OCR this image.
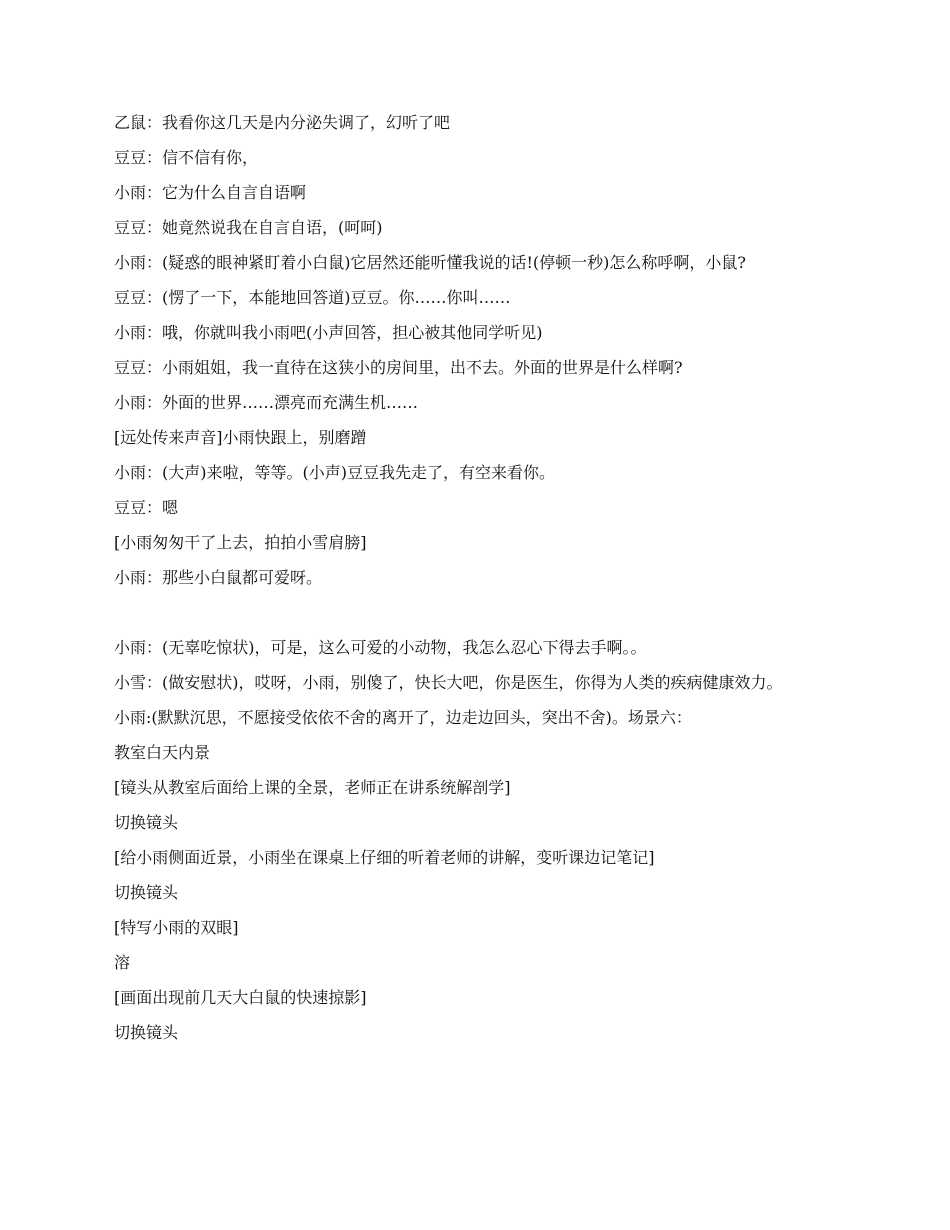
乙鼠：我看你这几天是内分泌失调了，幻听了吧

豆豆：信不信有你，

小雨：它为什么自言自语啊

豆豆：她竟然说我在自言自语，(呵呵)

小雨：(疑惑的眼神紧盯着小白鼠)它居然还能听懂我说的话!(停顿一秒)怎么称呼啊，小鼠?

豆豆：(愣了一下，本能地回答道)豆豆。你……你叫……

小雨：哦，你就叫我小雨吧(小声回答，担心被其他同学听见)

豆豆：小雨姐姐，我一直待在这狭小的房间里，出不去。外面的世界是什么样啊?

小雨：外面的世界……漂亮而充满生机……

[远处传来声音]小雨快跟上，别磨蹭

小雨：(大声)来啦，等等。(小声)豆豆我先走了，有空来看你。

豆豆：嗯

[小雨匆匆干了上去，拍拍小雪肩膀]

小雨：那些小白鼠都可爱呀。

小雨：(无辜吃惊状)，可是，这么可爱的小动物，我怎么忍心下得去手啊。。

小雪：(做安慰状)，哎呀，小雨，别傻了，快长大吧，你是医生，你得为人类的疾病健康效力。

小雨:(默默沉思，不愿接受依依不舍的离开了，边走边回头，突出不舍)。场景六：

教室白天内景

[镜头从教室后面给上课的全景，老师正在讲系统解剖学]

切换镜头

[给小雨侧面近景，小雨坐在课桌上仔细的听着老师的讲解，变听课边记笔记]

切换镜头

[特写小雨的双眼]

溶

[画面出现前几天大白鼠的快速掠影]

切换镜头
